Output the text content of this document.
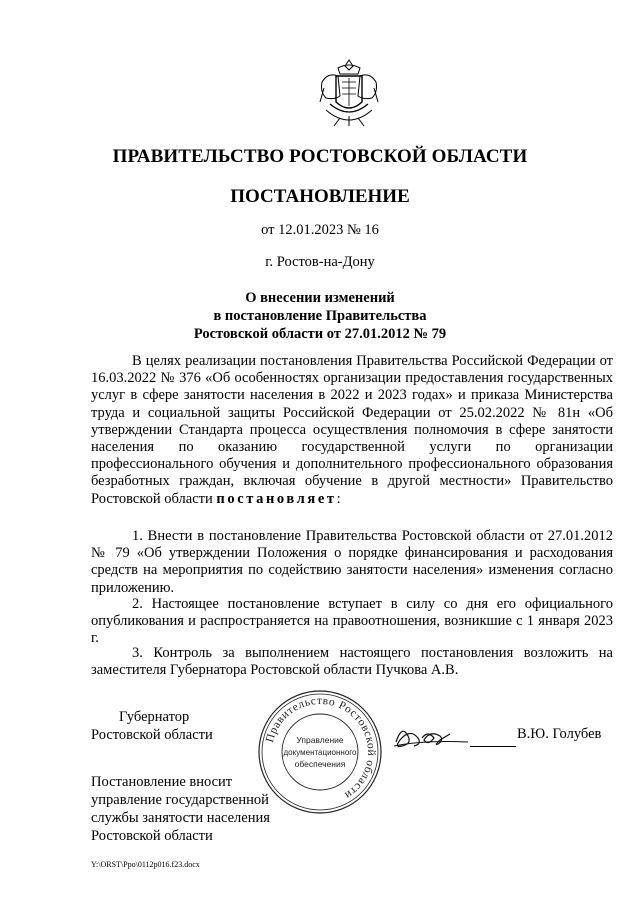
ПРАВИТЕЛЬСТВО РОСТОВСКОЙ ОБЛАСТИ
ПОСТАНОВЛЕНИЕ
от 12.01.2023 № 16
г. Ростов-на-Дону
О внесении изменений
в постановление Правительства
Ростовской области от 27.01.2012 № 79
В целях реализации постановления Правительства Российской Федерации от 16.03.2022 № 376 «Об особенностях организации предоставления государственных услуг в сфере занятости населения в 2022 и 2023 годах» и приказа Министерства труда и социальной защиты Российской Федерации от 25.02.2022 № 81н «Об утверждении Стандарта процесса осуществления полномочия в сфере занятости населения по оказанию государственной услуги по организации профессионального обучения и дополнительного профессионального образования безработных граждан, включая обучение в другой местности» Правительство Ростовской области постановляет:
1. Внести в постановление Правительства Ростовской области от 27.01.2012 № 79 «Об утверждении Положения о порядке финансирования и расходования средств на мероприятия по содействию занятости населения» изменения согласно приложению.
2. Настоящее постановление вступает в силу со дня его официального опубликования и распространяется на правоотношения, возникшие с 1 января 2023 г.
3. Контроль за выполнением настоящего постановления возложить на заместителя Губернатора Ростовской области Пучкова А.В.
Губернатор
Ростовской области	Правительство Ростовской области
Управление
документационного
обеспечения
В.Ю. Голубев
Постановление вносит
управление государственной
службы занятости населения
Ростовской области
Y:\ORST\Ppo\0112p016.f23.docx
